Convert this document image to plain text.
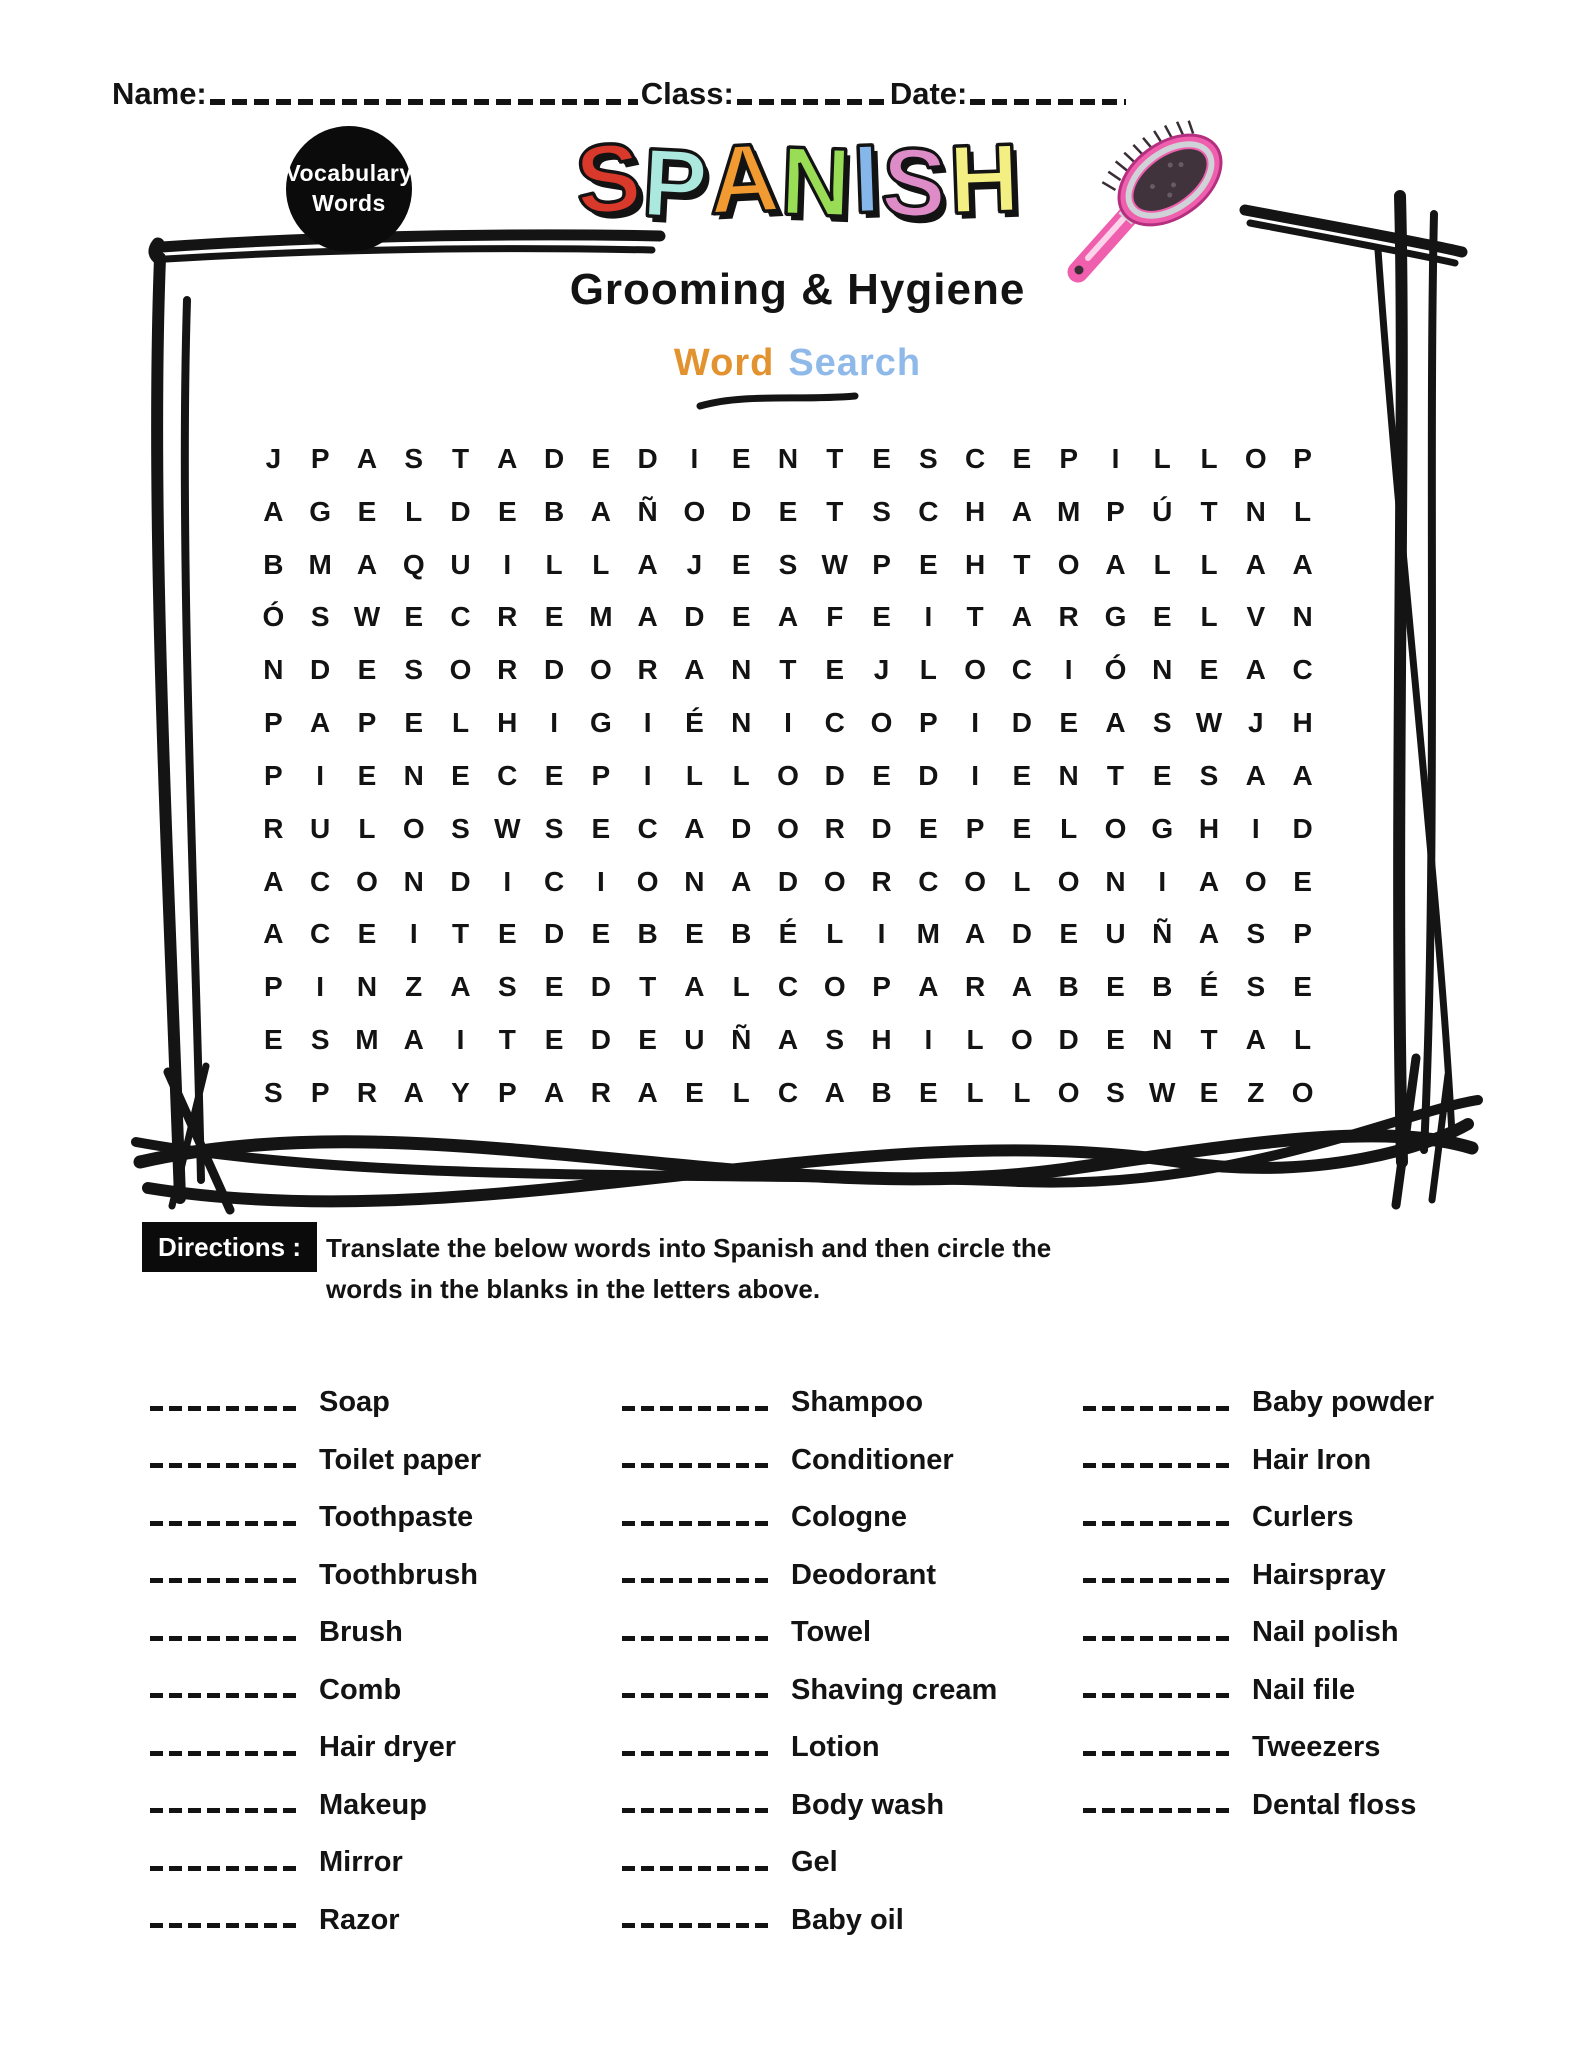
Name:	Class:	Date:
Vocabulary
Words S
P
A
N
I
S
H
Grooming & Hygiene
Word Search
J	P A S	T	A D E D	I	E N	T	E	S C E	P	I	L	L O P
A G E	L	D E B A Ñ O D E	T	S C H A M P Ú	T	N	L
B M A Q U	I	L	L	A	J	E	S W P	E H	T O A	L	L	A A
Ó S W E C R E M A D E A	F	E	I	T	A R G E	L	V N
N D E	S O R D O R A N	T	E	J	L O C	I	Ó N E A C
P A P	E	L	H	I	G	I	É N	I	C O P	I	D E A S W J	H
P	I	E N E C E	P	I	L	L O D E D	I	E N	T	E	S A A
R U	L O S W S	E C A D O R D E	P	E	L O G H	I	D
A C O N D	I	C	I	O N A D O R C O L O N	I	A O E
A C E	I	T	E D E B E B É	L	I	M A D E U Ñ A S	P
P	I	N	Z	A S	E D	T	A	L	C O P A R A B E B É	S	E
E	S M A	I	T	E D E U Ñ A S H	I	L O D E N	T	A	L
S	P R A Y	P A R A E	L	C A B E	L	L O S W E	Z O
Directions : Translate the below words into Spanish and then circle the
words in the blanks in the letters above.
Soap
Toilet paper
Toothpaste
Toothbrush
Brush
Comb
Hair dryer
Makeup
Mirror
Razor
Shampoo
Conditioner
Cologne
Deodorant
Towel
Shaving cream
Lotion
Body wash
Gel
Baby oil
Baby powder
Hair Iron
Curlers
Hairspray
Nail polish
Nail file
Tweezers
Dental floss
